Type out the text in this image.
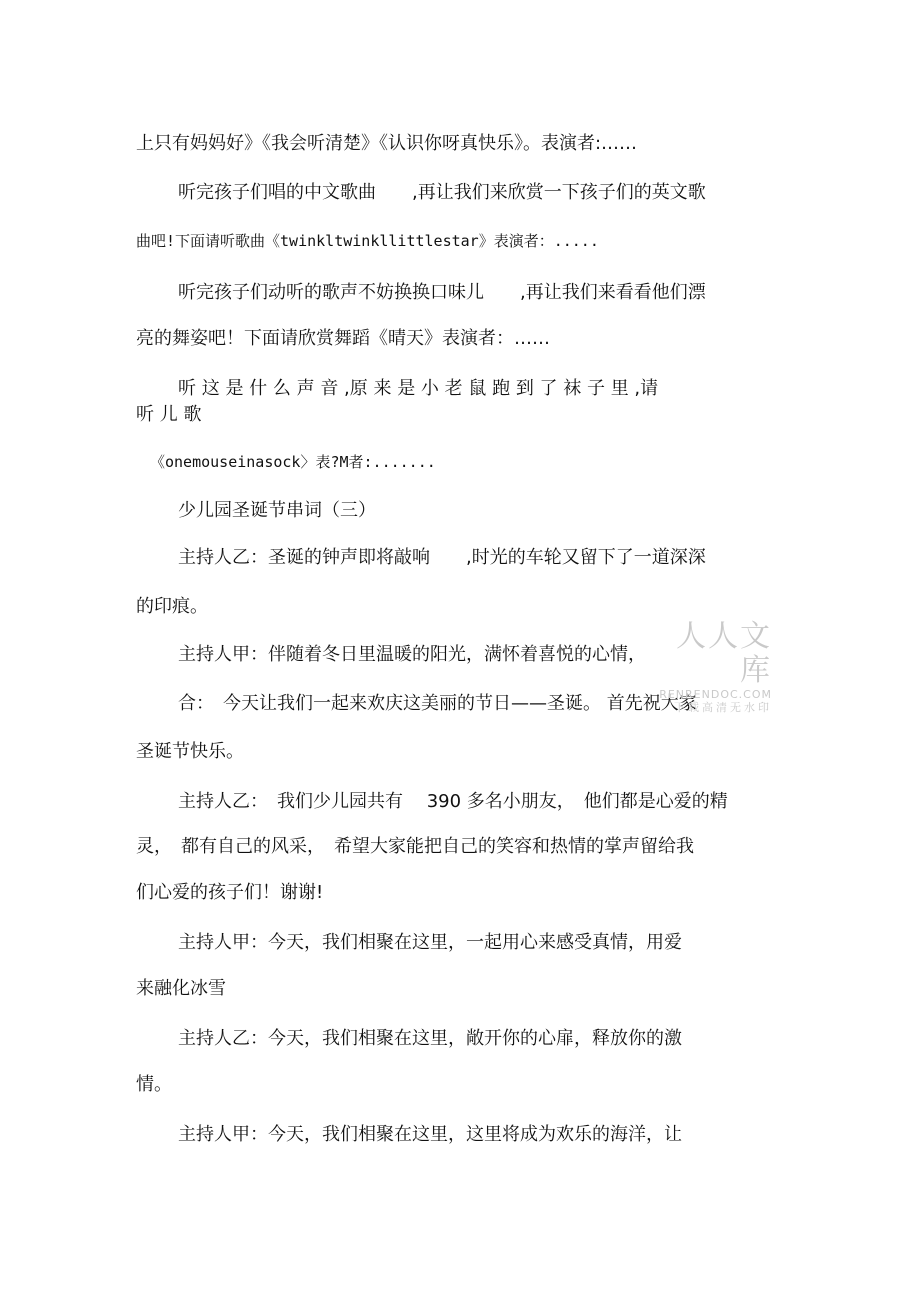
上只有妈妈好》《我会听清楚》《认识你呀真快乐》。表演者:……
听完孩子们唱的中文歌曲　　,再让我们来欣赏一下孩子们的英文歌
曲吧!下面请听歌曲《twinkltwinkllittlestar》表演者：.....
听完孩子们动听的歌声不妨换换口味儿　　,再让我们来看看他们漂
亮的舞姿吧！下面请欣赏舞蹈《晴天》表演者：……
听 这 是 什 么 声 音 ,原 来 是 小 老 鼠 跑 到 了 袜 子 里 ,请
听 儿 歌
《onemouseinasock〉表?M者:.......
少儿园圣诞节串词（三）
主持人乙：圣诞的钟声即将敲响　　,时光的车轮又留下了一道深深
的印痕。
主持人甲：伴随着冬日里温暖的阳光，满怀着喜悦的心情，
合：　今天让我们一起来欢庆这美丽的节日——圣诞。 首先祝大家
圣诞节快乐。
主持人乙：　我们少儿园共有　 390 多名小朋友，　他们都是心爱的精
灵，　都有自己的风采，　希望大家能把自己的笑容和热情的掌声留给我
们心爱的孩子们！谢谢!
主持人甲：今天，我们相聚在这里，一起用心来感受真情，用爱
来融化冰雪
主持人乙：今天，我们相聚在这里，敞开你的心扉，释放你的激
情。
主持人甲：今天，我们相聚在这里，这里将成为欢乐的海洋，让
人人文库
RENRENDOC.COM
下载高清无水印
